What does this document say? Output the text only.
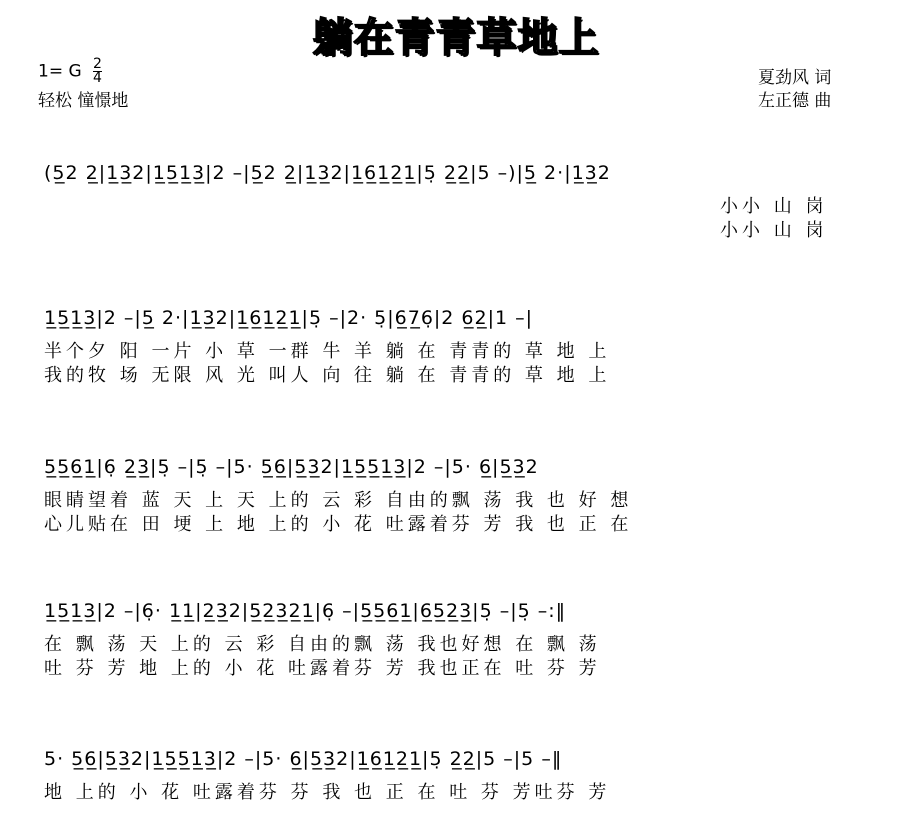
躺在青青草地上
1= G $\frac{2}{4}$
轻松 憧憬地
夏劲风 词
左正德 曲
(5̲2 2̲|1̲3̲2|1̲5̲1̲3̲|2 –|5̲2 2̲|1̲3̲2|1̲6̲1̲2̲1̲|5̣ 2̲2̲|5 –)|5̲ 2·|1̲3̲2
小小 山 岗
小小 山 岗
1̲5̲1̲3̲|2 –|5̲ 2·|1̲3̲2|1̲6̲1̲2̲1̲|5̣ –|2· 5̣|6̲7̲6̣|2 6̲2̲|1 –|
半个夕 阳 一片 小 草 一群 牛 羊 躺 在 青青的 草 地 上
我的牧 场 无限 风 光 叫人 向 往 躺 在 青青的 草 地 上
5̲5̲6̲1̲|6̣ 2̲3̲|5̣ –|5̣ –|5· 5̲6̲|5̲3̲2|1̲5̲5̲1̲3̲|2 –|5· 6̲|5̲3̲2
眼睛望着 蓝 天 上 天 上的 云 彩 自由的飘 荡 我 也 好 想
心儿贴在 田 埂 上 地 上的 小 花 吐露着芬 芳 我 也 正 在
1̲5̲1̲3̲|2 –|6̣· 1̲1̲|2̲3̲2|5̲2̲3̲2̲1̲|6̣ –|5̲5̲6̲1̲|6̲5̲2̲3̲|5̣ –|5̣ –:‖
在 飘 荡 天 上的 云 彩 自由的飘 荡 我也好想 在 飘 荡
吐 芬 芳 地 上的 小 花 吐露着芬 芳 我也正在 吐 芬 芳
5· 5̲6̲|5̲3̲2|1̲5̲5̲1̲3̲|2 –|5· 6̲|5̲3̲2|1̲6̲1̲2̲1̲|5̣ 2̲2̲|5 –|5 –‖
地 上的 小 花 吐露着芬 芬 我 也 正 在 吐 芬 芳吐芬 芳
